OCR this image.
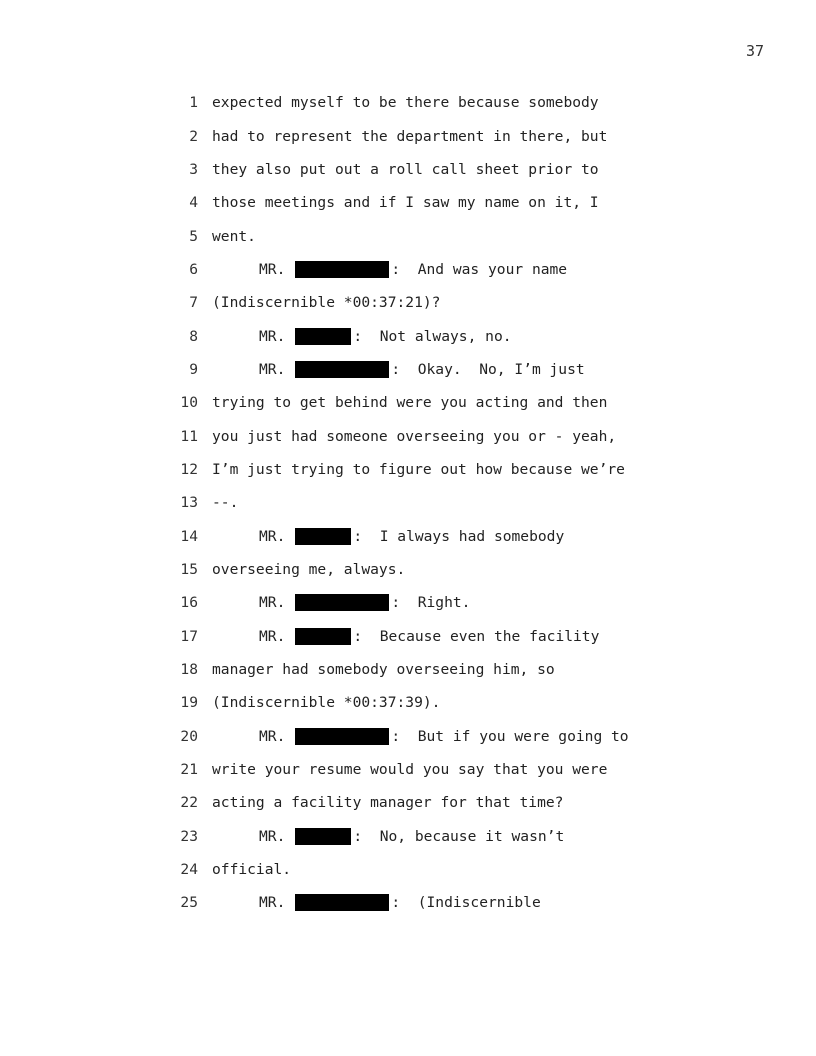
37
1 expected myself to be there because somebody
2 had to represent the department in there, but
3 they also put out a roll call sheet prior to
4 those meetings and if I saw my name on it, I
5 went.
6	MR.	:  And was your name
7 (Indiscernible *00:37:21)?
8	MR.	:  Not always, no.
9	MR.	:  Okay.  No, I’m just
10 trying to get behind were you acting and then
11 you just had someone overseeing you or - yeah,
12 I’m just trying to figure out how because we’re
13 --.
14	MR.	:  I always had somebody
15 overseeing me, always.
16	MR.	:  Right.
17	MR.	:  Because even the facility
18 manager had somebody overseeing him, so
19 (Indiscernible *00:37:39).
20	MR.	:  But if you were going to
21 write your resume would you say that you were
22 acting a facility manager for that time?
23	MR.	:  No, because it wasn’t
24 official.
25	MR.	:  (Indiscernible
